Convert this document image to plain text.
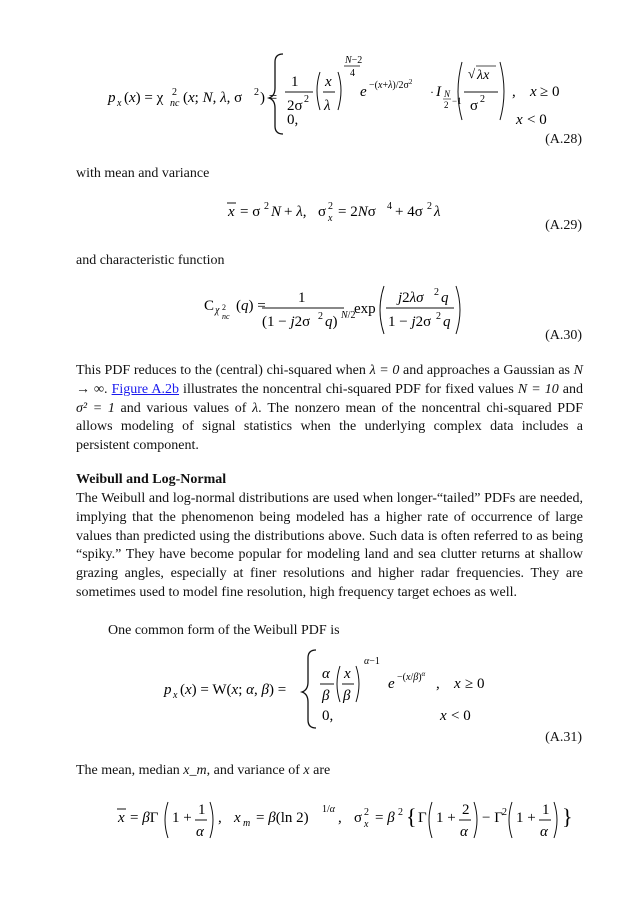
p x (x) = χ 2
nc (x; N, λ, σ 2 ) =
1
2σ 2
x
λ
N−2
4
$e -(x+\lambda)/2\sigma^2$
· I N
2 −1
√ λx
σ 2 , x ≥ 0
0,	x < 0
(A.28)
with mean and variance
x = σ 2 N + λ, σ 2
x = 2Nσ 4 + 4σ 2 λ
(A.29)
and characteristic function
C χ 2
nc
(q) = 1
(1 − j2σ 2 q) N/2
exp
j2λσ 2 q
1 − j2σ 2 q
(A.30)

This PDF reduces to the (central) chi-squared when λ = 0 and approaches a Gaussian as N → ∞. Figure A.2b illustrates the noncentral chi-squared PDF for fixed values N = 10 and σ² = 1 and various values of λ. The nonzero mean of the noncentral chi-squared PDF allows modeling of signal statistics when the underlying complex data includes a persistent component.

Weibull and Log-Normal
The Weibull and log-normal distributions are used when longer-“tailed” PDFs are needed, implying that the phenomenon being modeled has a higher rate of occurrence of large values than predicted using the distributions above. Such data is often referred to as being “spiky.” They have become popular for modeling land and sea clutter returns at shallow grazing angles, especially at finer resolutions and higher radar frequencies. They are sometimes used to model fine resolution, high frequency target echoes as well.
One common form of the Weibull PDF is
p x (x) = W(x; α, β) =
α
β
x
β
α−1
$e -(x/\beta)^\alpha$
, x ≥ 0
0,	x < 0
(A.31)

The mean, median x_m, and variance of x are

x = βΓ 1 + 1
α
, x m = β(ln 2)
1/α
, σ 2
x = β 2 { Γ 1 + 2
α
− Γ 2 1 + 1
α
}
